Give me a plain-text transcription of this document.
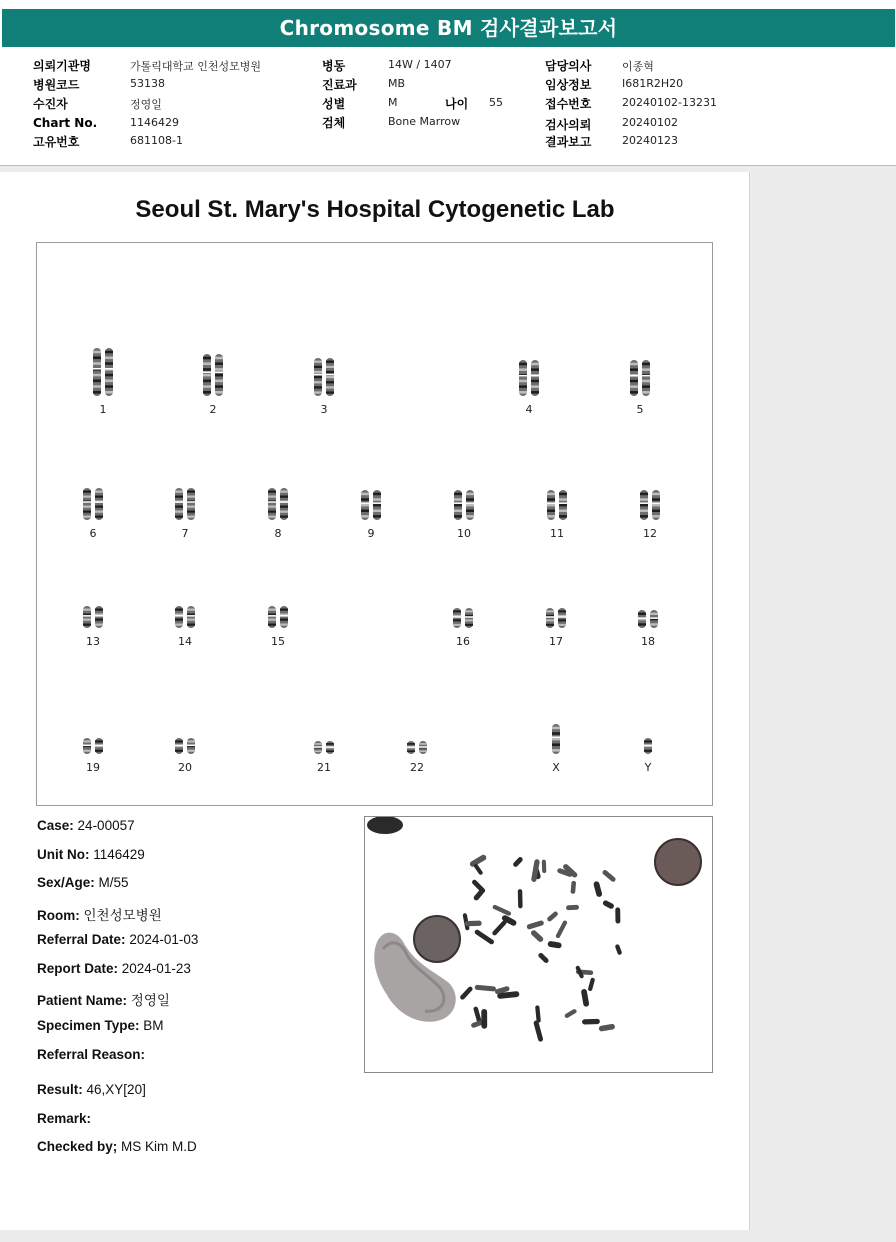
Chromosome BM 검사결과보고서
의뢰기관명	가톨릭대학교 인천성모병원
병원코드	53138
수진자	정영일
Chart No.	1146429
고유번호	681108-1
병동	14W / 1407
진료과	MB
성별	M	나이 55
검체	Bone Marrow
담당의사	이종혁
임상정보	I681R2H20
접수번호	20240102-13231
검사의뢰	20240102
결과보고	20240123
Seoul St. Mary's Hospital Cytogenetic Lab
1	2	3	4	5
6	7	8	9	10	11	12
13	14	15	16	17	18
19	20	21	22	X	Y
Case: 24-00057
Unit No: 1146429
Sex/Age: M/55
Room: 인천성모병원
Referral Date: 2024-01-03
Report Date: 2024-01-23
Patient Name: 정영일
Specimen Type: BM
Referral Reason:
Result: 46,XY[20]
Remark:
Checked by; MS Kim M.D
